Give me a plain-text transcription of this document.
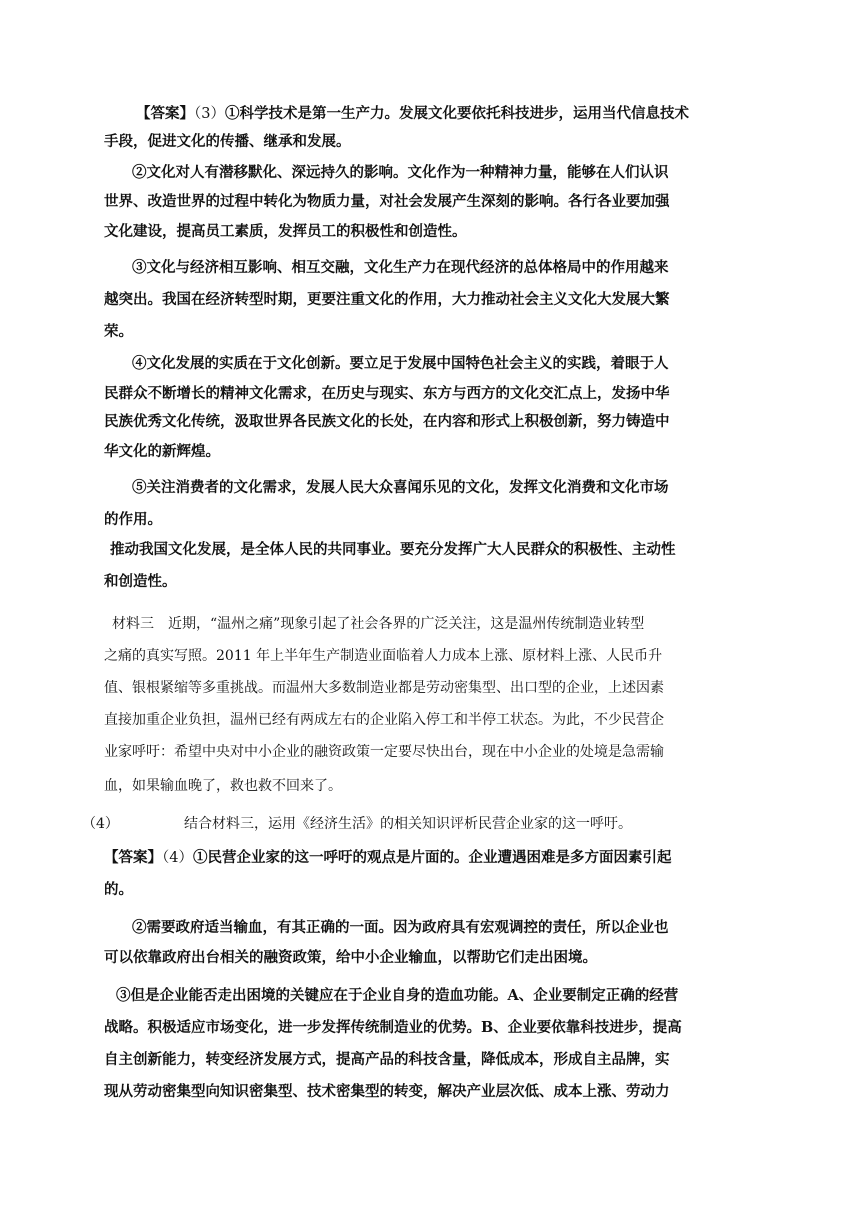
【答案】（3）①科学技术是第一生产力。发展文化要依托科技进步，运用当代信息技术
手段，促进文化的传播、继承和发展。
②文化对人有潜移默化、深远持久的影响。文化作为一种精神力量，能够在人们认识
世界、改造世界的过程中转化为物质力量，对社会发展产生深刻的影响。各行各业要加强
文化建设，提高员工素质，发挥员工的积极性和创造性。
③文化与经济相互影响、相互交融，文化生产力在现代经济的总体格局中的作用越来
越突出。我国在经济转型时期，更要注重文化的作用，大力推动社会主义文化大发展大繁
荣。
④文化发展的实质在于文化创新。要立足于发展中国特色社会主义的实践，着眼于人
民群众不断增长的精神文化需求，在历史与现实、东方与西方的文化交汇点上，发扬中华
民族优秀文化传统，汲取世界各民族文化的长处，在内容和形式上积极创新，努力铸造中
华文化的新辉煌。
⑤关注消费者的文化需求，发展人民大众喜闻乐见的文化，发挥文化消费和文化市场
的作用。
推动我国文化发展，是全体人民的共同事业。要充分发挥广大人民群众的积极性、主动性
和创造性。
材料三　近期，“温州之痛”现象引起了社会各界的广泛关注，这是温州传统制造业转型
之痛的真实写照。2011 年上半年生产制造业面临着人力成本上涨、原材料上涨、人民币升
值、银根紧缩等多重挑战。而温州大多数制造业都是劳动密集型、出口型的企业，上述因素
直接加重企业负担，温州已经有两成左右的企业陷入停工和半停工状态。为此，不少民营企
业家呼吁：希望中央对中小企业的融资政策一定要尽快出台，现在中小企业的处境是急需输
血，如果输血晚了，救也救不回来了。
（4）	结合材料三，运用《经济生活》的相关知识评析民营企业家的这一呼吁。
【答案】（4）①民营企业家的这一呼吁的观点是片面的。企业遭遇困难是多方面因素引起
的。
②需要政府适当输血，有其正确的一面。因为政府具有宏观调控的责任，所以企业也
可以依靠政府出台相关的融资政策，给中小企业输血，以帮助它们走出困境。
③但是企业能否走出困境的关键应在于企业自身的造血功能。A、企业要制定正确的经营
战略。积极适应市场变化，进一步发挥传统制造业的优势。B、企业要依靠科技进步，提高
自主创新能力，转变经济发展方式，提高产品的科技含量，降低成本，形成自主品牌，实
现从劳动密集型向知识密集型、技术密集型的转变，解决产业层次低、成本上涨、劳动力
